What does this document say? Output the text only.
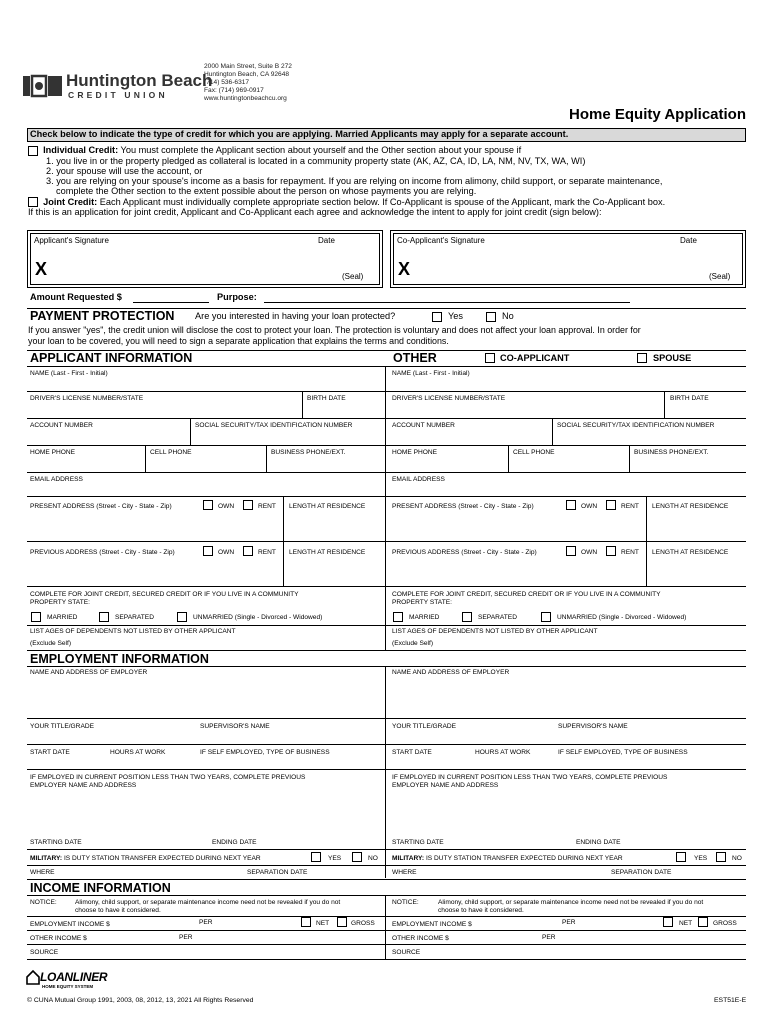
Huntington Beach
CREDIT UNION
2000 Main Street, Suite B 272
Huntington Beach, CA 92648
(714) 536-6317
Fax: (714) 969-0917
www.huntingtonbeachcu.org
Home Equity Application
Check below to indicate the type of credit for which you are applying. Married Applicants may apply for a separate account.
Individual Credit: You must complete the Applicant section about yourself and the Other section about your spouse if
1. you live in or the property pledged as collateral is located in a community property state (AK, AZ, CA, ID, LA, NM, NV, TX, WA, WI)
2. your spouse will use the account, or
3. you are relying on your spouse's income as a basis for repayment. If you are relying on income from alimony, child support, or separate maintenance,
complete the Other section to the extent possible about the person on whose payments you are relying.
Joint Credit: Each Applicant must individually complete appropriate section below. If Co-Applicant is spouse of the Applicant, mark the Co-Applicant box.
If this is an application for joint credit, Applicant and Co-Applicant each agree and acknowledge the intent to apply for joint credit (sign below):
Applicant's Signature	Date
X	(Seal)
Co-Applicant's Signature	Date
X	(Seal)
Amount Requested $	Purpose:
PAYMENT PROTECTION Are you interested in having your loan protected?	Yes	No
If you answer "yes", the credit union will disclose the cost to protect your loan. The protection is voluntary and does not affect your loan approval. In order for
your loan to be covered, you will need to sign a separate application that explains the terms and conditions.
APPLICANT INFORMATION	OTHER	CO-APPLICANT	SPOUSE
NAME (Last - First - Initial)	NAME (Last - First - Initial)
DRIVER'S LICENSE NUMBER/STATE	BIRTH DATE	DRIVER'S LICENSE NUMBER/STATE	BIRTH DATE
ACCOUNT NUMBER	SOCIAL SECURITY/TAX IDENTIFICATION NUMBER	ACCOUNT NUMBER	SOCIAL SECURITY/TAX IDENTIFICATION NUMBER
HOME PHONE	CELL PHONE	BUSINESS PHONE/EXT.	HOME PHONE	CELL PHONE	BUSINESS PHONE/EXT.
EMAIL ADDRESS	EMAIL ADDRESS
PRESENT ADDRESS (Street - City - State - Zip)	OWN	RENT LENGTH AT RESIDENCE	PRESENT ADDRESS (Street - City - State - Zip)	OWN	RENT LENGTH AT RESIDENCE
PREVIOUS ADDRESS (Street - City - State - Zip)	OWN	RENT LENGTH AT RESIDENCE	PREVIOUS ADDRESS (Street - City - State - Zip)	OWN	RENT LENGTH AT RESIDENCE
COMPLETE FOR JOINT CREDIT, SECURED CREDIT OR IF YOU LIVE IN A COMMUNITY
PROPERTY STATE:
MARRIED	SEPARATED	UNMARRIED (Single - Divorced - Widowed)
COMPLETE FOR JOINT CREDIT, SECURED CREDIT OR IF YOU LIVE IN A COMMUNITY
PROPERTY STATE:
MARRIED	SEPARATED	UNMARRIED (Single - Divorced - Widowed)
LIST AGES OF DEPENDENTS NOT LISTED BY OTHER APPLICANT
(Exclude Self)
LIST AGES OF DEPENDENTS NOT LISTED BY OTHER APPLICANT
(Exclude Self)
EMPLOYMENT INFORMATION
NAME AND ADDRESS OF EMPLOYER	NAME AND ADDRESS OF EMPLOYER
YOUR TITLE/GRADE	SUPERVISOR'S NAME	YOUR TITLE/GRADE	SUPERVISOR'S NAME
START DATE	HOURS AT WORK	IF SELF EMPLOYED, TYPE OF BUSINESS	START DATE	HOURS AT WORK	IF SELF EMPLOYED, TYPE OF BUSINESS
IF EMPLOYED IN CURRENT POSITION LESS THAN TWO YEARS, COMPLETE PREVIOUS
EMPLOYER NAME AND ADDRESS
IF EMPLOYED IN CURRENT POSITION LESS THAN TWO YEARS, COMPLETE PREVIOUS
EMPLOYER NAME AND ADDRESS
STARTING DATE	ENDING DATE	STARTING DATE	ENDING DATE
MILITARY: IS DUTY STATION TRANSFER EXPECTED DURING NEXT YEAR	YES	NO MILITARY: IS DUTY STATION TRANSFER EXPECTED DURING NEXT YEAR	YES	NO
WHERE	SEPARATION DATE	WHERE	SEPARATION DATE
INCOME INFORMATION
NOTICE:	Alimony, child support, or separate maintenance income need not be revealed if you do not
choose to have it considered.
NOTICE:	Alimony, child support, or separate maintenance income need not be revealed if you do not
choose to have it considered.
EMPLOYMENT INCOME $	PER	NET	GROSS	EMPLOYMENT INCOME $	PER	NET	GROSS
OTHER INCOME $	PER	OTHER INCOME $	PER
SOURCE	SOURCE
LOANLINER
HOME EQUITY SYSTEM
© CUNA Mutual Group 1991, 2003, 08, 2012, 13, 2021 All Rights Reserved	EST51E-E
